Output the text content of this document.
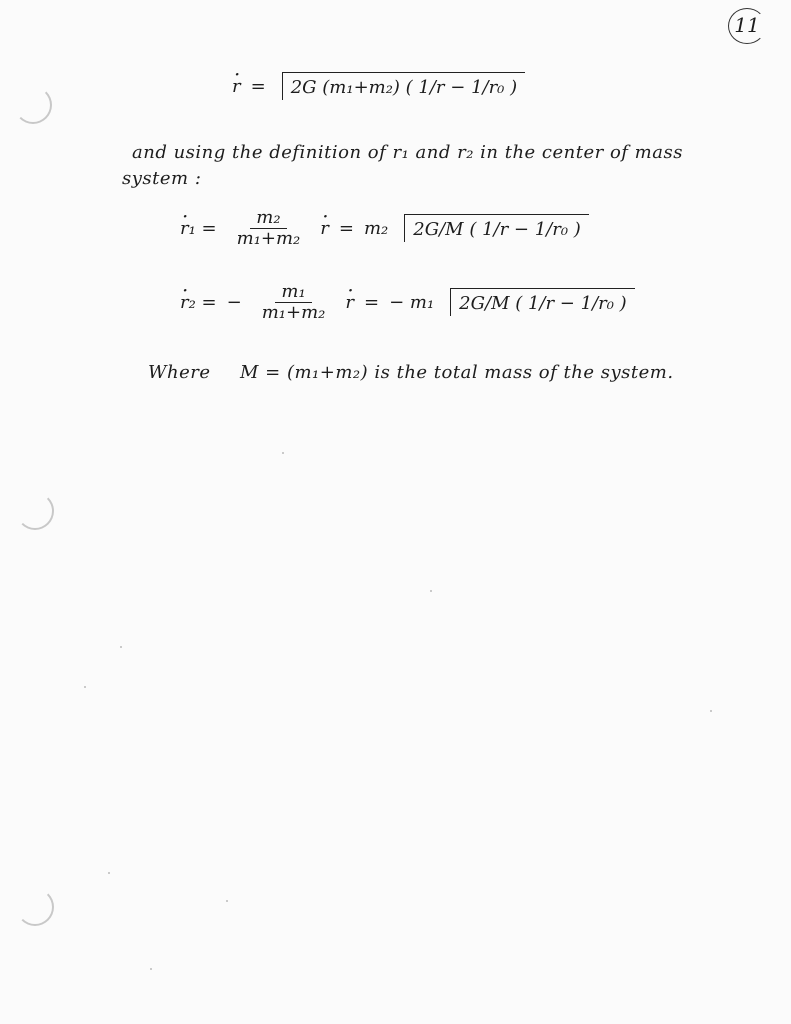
11
· r =	2G (m₁+m₂) ( 1/r − 1/r₀ )
and using the definition of r₁ and r₂ in the center of mass
system :
· $r_1 = \frac{\text{m₂}}{\text{m₁+m₂}}$
· r = m₂	2G/M ( 1/r − 1/r₀ )
· r₂ = − $\frac{\text{m₁}}{\text{m₁+m₂}}$
· r = − m₁	2G/M ( 1/r − 1/r₀ )
Where M = (m₁+m₂) is the total mass of the system.
